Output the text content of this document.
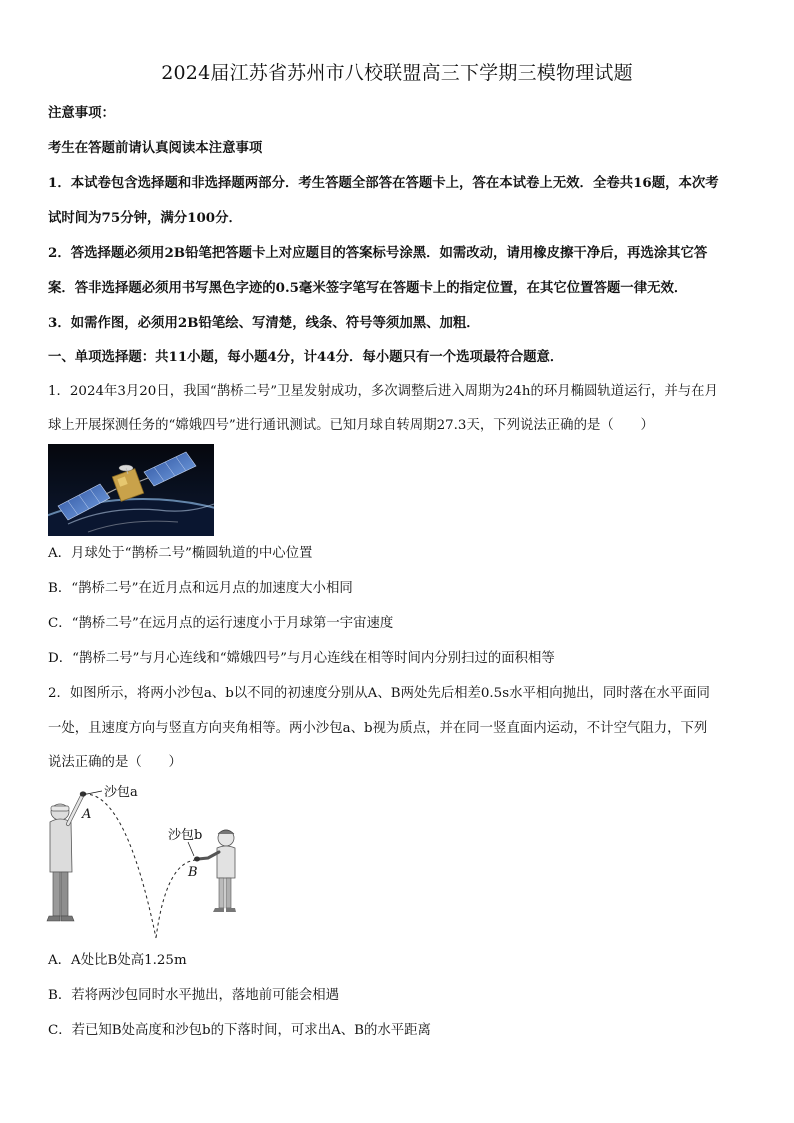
2024届江苏省苏州市八校联盟高三下学期三模物理试题
注意事项：
考生在答题前请认真阅读本注意事项
1．本试卷包含选择题和非选择题两部分．考生答题全部答在答题卡上，答在本试卷上无效．全卷共16题，本次考
试时间为75分钟，满分100分．
2．答选择题必须用2B铅笔把答题卡上对应题目的答案标号涂黑．如需改动，请用橡皮擦干净后，再选涂其它答
案．答非选择题必须用书写黑色字迹的0.5毫米签字笔写在答题卡上的指定位置，在其它位置答题一律无效．
3．如需作图，必须用2B铅笔绘、写清楚，线条、符号等须加黑、加粗．
一、单项选择题：共11小题，每小题4分，计44分．每小题只有一个选项最符合题意．
1．2024年3月20日，我国“鹊桥二号”卫星发射成功，多次调整后进入周期为24h的环月椭圆轨道运行，并与在月
球上开展探测任务的“嫦娥四号”进行通讯测试。已知月球自转周期27.3天，下列说法正确的是（　　）
A．月球处于“鹊桥二号”椭圆轨道的中心位置
B．“鹊桥二号”在近月点和远月点的加速度大小相同
C．“鹊桥二号”在远月点的运行速度小于月球第一宇宙速度
D．“鹊桥二号”与月心连线和“嫦娥四号”与月心连线在相等时间内分别扫过的面积相等
2．如图所示，将两小沙包a、b以不同的初速度分别从A、B两处先后相差0.5s水平相向抛出，同时落在水平面同
一处，且速度方向与竖直方向夹角相等。两小沙包a、b视为质点，并在同一竖直面内运动，不计空气阻力，下列
说法正确的是（　　）
沙包a
A
沙包b
B
A．A处比B处高1.25m
B．若将两沙包同时水平抛出，落地前可能会相遇
C．若已知B处高度和沙包b的下落时间，可求出A、B的水平距离
